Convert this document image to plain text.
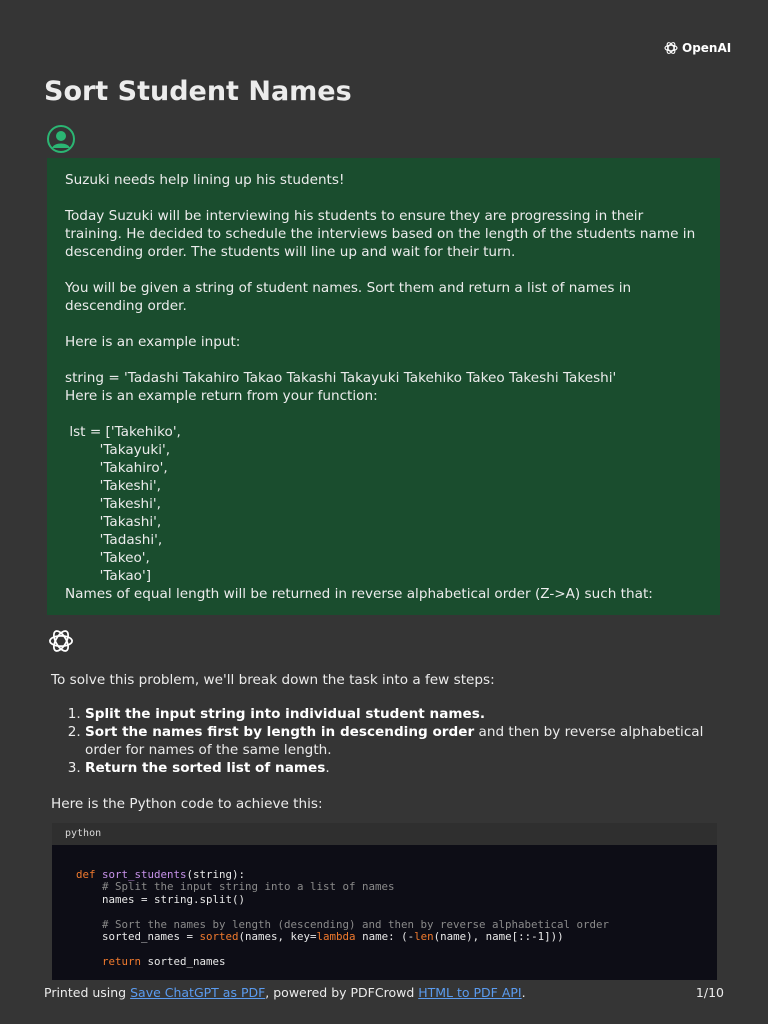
OpenAI
Sort Student Names

Suzuki needs help lining up his students!

Today Suzuki will be interviewing his students to ensure they are progressing in their training. He decided to schedule the interviews based on the length of the students name in descending order. The students will line up and wait for their turn.

You will be given a string of student names. Sort them and return a list of names in descending order.

Here is an example input:

string = 'Tadashi Takahiro Takao Takashi Takayuki Takehiko Takeo Takeshi Takeshi'
Here is an example return from your function:

lst = ['Takehiko',
'Takayuki',
'Takahiro',
'Takeshi',
'Takeshi',
'Takashi',
'Tadashi',
'Takeo',
'Takao']
Names of equal length will be returned in reverse alphabetical order (Z->A) such that:

To solve this problem, we'll break down the task into a few steps:

1. Split the input string into individual student names.
2. Sort the names first by length in descending order and then by reverse alphabetical order for names of the same length.
3. Return the sorted list of names.

Here is the Python code to achieve this:

python
def sort_students(string):
# Split the input string into a list of names
names = string.split()

# Sort the names by length (descending) and then by reverse alphabetical order
sorted_names = sorted(names, key=lambda name: (-len(name), name[::-1]))

return sorted_names
Printed using Save ChatGPT as PDF, powered by PDFCrowd HTML to PDF API.	1/10
